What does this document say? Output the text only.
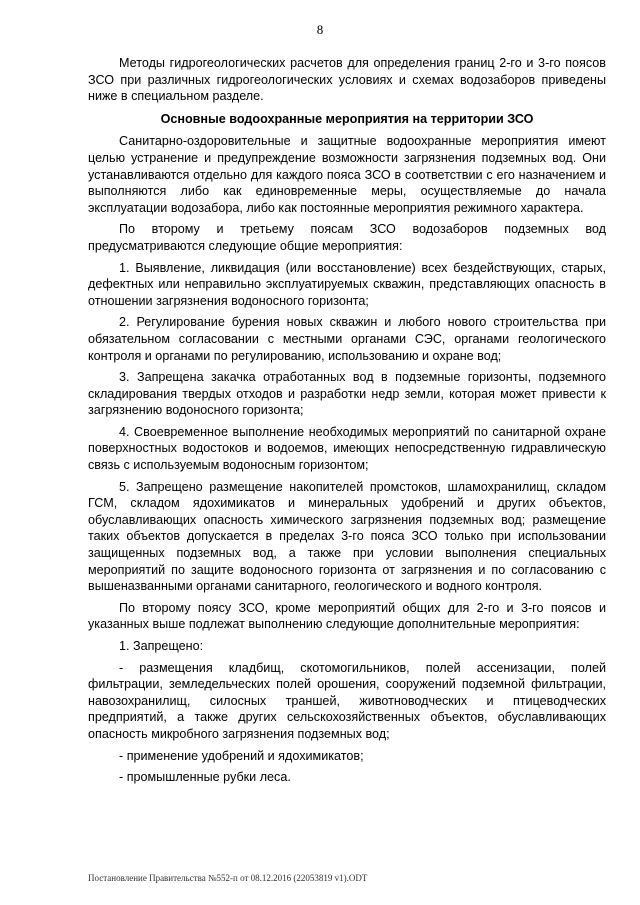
8

Методы гидрогеологических расчетов для определения границ 2-го и 3-го поясов ЗСО при различных гидрогеологических условиях и схемах водозаборов приведены ниже в специальном разделе.

Основные водоохранные мероприятия на территории ЗСО

Санитарно-оздоровительные и защитные водоохранные мероприятия имеют целью устранение и предупреждение возможности загрязнения подземных вод. Они устанавливаются отдельно для каждого пояса ЗСО в соответствии с его назначением и выполняются либо как единовременные меры, осуществляемые до начала эксплуатации водозабора, либо как постоянные мероприятия режимного характера.

По второму и третьему поясам ЗСО водозаборов подземных вод предусматриваются следующие общие мероприятия:

1. Выявление, ликвидация (или восстановление) всех бездействующих, старых, дефектных или неправильно эксплуатируемых скважин, представляющих опасность в отношении загрязнения водоносного горизонта;

2. Регулирование бурения новых скважин и любого нового строительства при обязательном согласовании с местными органами СЭС, органами геологического контроля и органами по регулированию, использованию и охране вод;

3. Запрещена закачка отработанных вод в подземные горизонты, подземного складирования твердых отходов и разработки недр земли, которая может привести к загрязнению водоносного горизонта;

4. Своевременное выполнение необходимых мероприятий по санитарной охране поверхностных водостоков и водоемов, имеющих непосредственную гидравлическую связь с используемым водоносным горизонтом;

5. Запрещено размещение накопителей промстоков, шламохранилищ, складом ГСМ, складом ядохимикатов и минеральных удобрений и других объектов, обуславливающих опасность химического загрязнения подземных вод; размещение таких объектов допускается в пределах 3-го пояса ЗСО только при использовании защищенных подземных вод, а также при условии выполнения специальных мероприятий по защите водоносного горизонта от загрязнения и по согласованию с вышеназванными органами санитарного, геологического и водного контроля.

По второму поясу ЗСО, кроме мероприятий общих для 2-го и 3-го поясов и указанных выше подлежат выполнению следующие дополнительные мероприятия:

1. Запрещено:

- размещения кладбищ, скотомогильников, полей ассенизации, полей фильтрации, земледельческих полей орошения, сооружений подземной фильтрации, навозохранилищ, силосных траншей, животноводческих и птицеводческих предприятий, а также других сельскохозяйственных объектов, обуславливающих опасность микробного загрязнения подземных вод;

- применение удобрений и ядохимикатов;

- промышленные рубки леса.

Постановление Правительства №552-п от 08.12.2016 (22053819 v1).ODT
